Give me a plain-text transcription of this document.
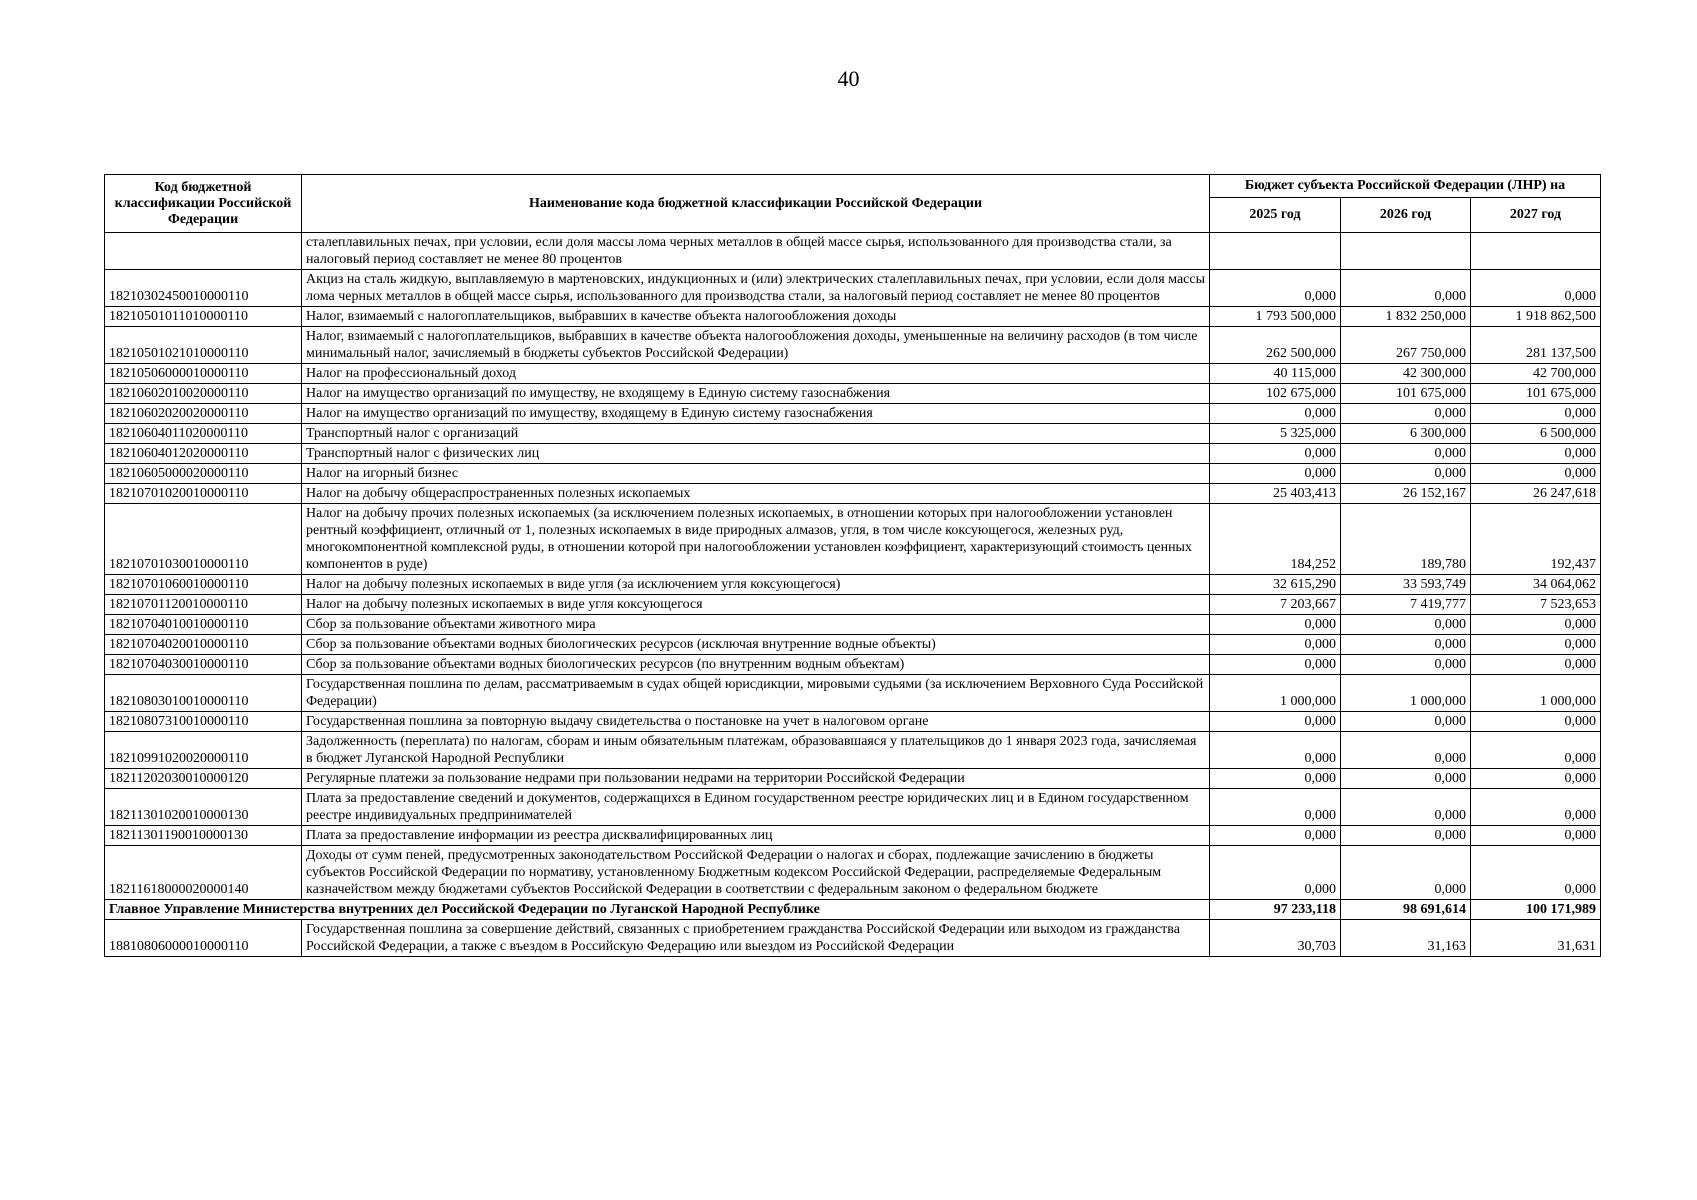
40
Код бюджетной классификации Российской Федерации	Наименование кода бюджетной классификации Российской Федерации	Бюджет субъекта Российской Федерации (ЛНР) на		
		2025 год	2026 год	2027 год
	сталеплавильных печах, при условии, если доля массы лома черных металлов в общей массе сырья, использованного для производства стали, за налоговый период составляет не менее 80 процентов			
18210302450010000110	Акциз на сталь жидкую, выплавляемую в мартеновских, индукционных и (или) электрических сталеплавильных печах, при условии, если доля массы лома черных металлов в общей массе сырья, использованного для производства стали, за налоговый период составляет не менее 80 процентов	0,000	0,000	0,000
18210501011010000110	Налог, взимаемый с налогоплательщиков, выбравших в качестве объекта налогообложения доходы	1 793 500,000	1 832 250,000	1 918 862,500
18210501021010000110	Налог, взимаемый с налогоплательщиков, выбравших в качестве объекта налогообложения доходы, уменьшенные на величину расходов (в том числе минимальный налог, зачисляемый в бюджеты субъектов Российской Федерации)	262 500,000	267 750,000	281 137,500
18210506000010000110	Налог на профессиональный доход	40 115,000	42 300,000	42 700,000
18210602010020000110	Налог на имущество организаций по имуществу, не входящему в Единую систему газоснабжения	102 675,000	101 675,000	101 675,000
18210602020020000110	Налог на имущество организаций по имуществу, входящему в Единую систему газоснабжения	0,000	0,000	0,000
18210604011020000110	Транспортный налог с организаций	5 325,000	6 300,000	6 500,000
18210604012020000110	Транспортный налог с физических лиц	0,000	0,000	0,000
18210605000020000110	Налог на игорный бизнес	0,000	0,000	0,000
18210701020010000110	Налог на добычу общераспространенных полезных ископаемых	25 403,413	26 152,167	26 247,618
18210701030010000110	Налог на добычу прочих полезных ископаемых (за исключением полезных ископаемых, в отношении которых при налогообложении установлен рентный коэффициент, отличный от 1, полезных ископаемых в виде природных алмазов, угля, в том числе коксующегося, железных руд, многокомпонентной комплексной руды, в отношении которой при налогообложении установлен коэффициент, характеризующий стоимость ценных компонентов в руде)	184,252	189,780	192,437
18210701060010000110	Налог на добычу полезных ископаемых в виде угля (за исключением угля коксующегося)	32 615,290	33 593,749	34 064,062
18210701120010000110	Налог на добычу полезных ископаемых в виде угля коксующегося	7 203,667	7 419,777	7 523,653
18210704010010000110	Сбор за пользование объектами животного мира	0,000	0,000	0,000
18210704020010000110	Сбор за пользование объектами водных биологических ресурсов (исключая внутренние водные объекты)	0,000	0,000	0,000
18210704030010000110	Сбор за пользование объектами водных биологических ресурсов (по внутренним водным объектам)	0,000	0,000	0,000
18210803010010000110	Государственная пошлина по делам, рассматриваемым в судах общей юрисдикции, мировыми судьями (за исключением Верховного Суда Российской Федерации)	1 000,000	1 000,000	1 000,000
18210807310010000110	Государственная пошлина за повторную выдачу свидетельства о постановке на учет в налоговом органе	0,000	0,000	0,000
18210991020020000110	Задолженность (переплата) по налогам, сборам и иным обязательным платежам, образовавшаяся у плательщиков до 1 января 2023 года, зачисляемая в бюджет Луганской Народной Республики	0,000	0,000	0,000
18211202030010000120	Регулярные платежи за пользование недрами при пользовании недрами на территории Российской Федерации	0,000	0,000	0,000
18211301020010000130	Плата за предоставление сведений и документов, содержащихся в Едином государственном реестре юридических лиц и в Едином государственном реестре индивидуальных предпринимателей	0,000	0,000	0,000
18211301190010000130	Плата за предоставление информации из реестра дисквалифицированных лиц	0,000	0,000	0,000
18211618000020000140	Доходы от сумм пеней, предусмотренных законодательством Российской Федерации о налогах и сборах, подлежащие зачислению в бюджеты субъектов Российской Федерации по нормативу, установленному Бюджетным кодексом Российской Федерации, распределяемые Федеральным казначейством между бюджетами субъектов Российской Федерации в соответствии с федеральным законом о федеральном бюджете	0,000	0,000	0,000
Главное Управление Министерства внутренних дел Российской Федерации по Луганской Народной Республике		97 233,118	98 691,614	100 171,989
18810806000010000110	Государственная пошлина за совершение действий, связанных с приобретением гражданства Российской Федерации или выходом из гражданства Российской Федерации, а также с въездом в Российскую Федерацию или выездом из Российской Федерации	30,703	31,163	31,631
